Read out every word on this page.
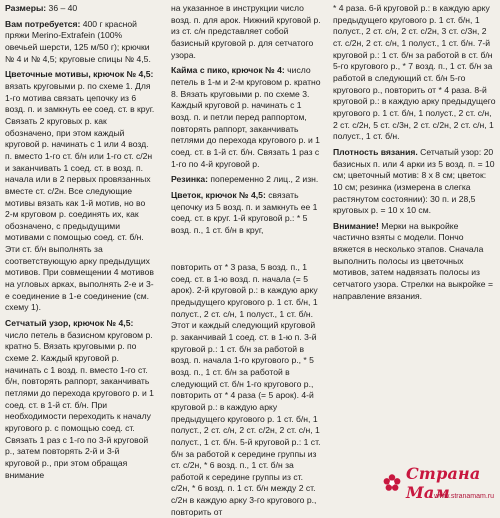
Размеры: 36 – 40

Вам потребуется: 400 г красной пряжи Merino-Extrafein (100% овечьей шерсти, 125 м/50 г); крючки № 4 и № 4,5; круговые спицы № 4,5.

Цветочные мотивы, крючок № 4,5: вязать круговыми р. по схеме 1. Для 1-го мотива связать цепочку из 6 возд. п. и замкнуть ее соед. ст. в круг. Связать 2 круговых р. как обозначено, при этом каждый круговой р. начинать с 1 или 4 возд. п. вместо 1-го ст. б/н или 1-го ст. с/2н и заканчивать 1 соед. ст. в возд. п. начала или в 2 первых провязанных вместе ст. с/2н. Все следующие мотивы вязать как 1-й мотив, но во 2-м круговом р. соединять их, как обозначено, с предыдущими мотивами с помощью соед. ст. б/н. Эти ст. б/н выполнять за соответствующую арку предыдущих мотивов. При совмещении 4 мотивов на угловых арках, выполнять 2-е и 3-е соединение в 1-е соединение (см. схему 1).

Сетчатый узор, крючок № 4,5: число петель в базисном круговом р. кратно 5. Вязать круговыми р. по схеме 2. Каждый круговой р. начинать с 1 возд. п. вместо 1-го ст. б/н, повторять раппорт, заканчивать петлями до перехода кругового р. и 1 соед. ст. в 1-й ст. б/н. При необходимости переходить к началу кругового р. с помощью соед. ст. Связать 1 раз с 1-го по 3-й круговой р., затем повторять 2-й и 3-й круговой р., при этом обращая внимание

на указанное в инструкции число возд. п. для арок. Нижний круговой р. из ст. с/н представляет собой базисный круговой р. для сетчатого узора.

Кайма с пико, крючок № 4: число петель в 1-м и 2-м круговом р. кратно 8. Вязать круговыми р. по схеме 3. Каждый круговой р. начинать с 1 возд. п. и петли перед раппортом, повторять раппорт, заканчивать петлями до перехода кругового р. и 1 соед. ст. в 1-й ст. б/н. Связать 1 раз с 1-го по 4-й круговой р.

Резинка: попеременно 2 лиц., 2 изн.

Цветок, крючок № 4,5: связать цепочку из 5 возд. п. и замкнуть ее 1 соед. ст. в круг. 1-й круговой р.: * 5 возд. п., 1 ст. б/н в круг,

повторить от * 3 раза, 5 возд. п., 1 соед. ст. в 1-ю возд. п. начала (= 5 арок). 2-й круговой р.: в каждую арку предыдущего кругового р. 1 ст. б/н, 1 полуст., 2 ст. с/н, 1 полуст., 1 ст. б/н. Этот и каждый следующий круговой р. заканчивай 1 соед. ст. в 1-ю п. 3-й круговой р.: 1 ст. б/н за работой в возд. п. начала 1-го кругового р., * 5 возд. п., 1 ст. б/н за работой в следующий ст. б/н 1-го кругового р., повторить от * 4 раза (= 5 арок). 4-й круговой р.: в каждую арку предыдущего кругового р. 1 ст. б/н, 1 полуст., 2 ст. с/н, 2 ст. с/2н, 2 ст. с/н, 1 полуст., 1 ст. б/н. 5-й круговой р.: 1 ст. б/н за работой к середине группы из ст. с/2н, * 6 возд. п., 1 ст. б/н за работой к середине группы из ст. с/2н, * 6 возд. п. 1 ст. б/н между 2 ст. с/2н в каждую арку 3-го кругового р., повторить от

* 4 раза. 6-й круговой р.: в каждую арку предыдущего кругового р. 1 ст. б/н, 1 полуст., 2 ст. с/н, 2 ст. с/2н, 3 ст. с/3н, 2 ст. с/2н, 2 ст. с/н, 1 полуст., 1 ст. б/н. 7-й круговой р.: 1 ст. б/н за работой в ст. б/н 5-го кругового р., * 7 возд. п., 1 ст. б/н за работой в следующий ст. б/н 5-го кругового р., повторить от * 4 раза. 8-й круговой р.: в каждую арку предыдущего кругового р. 1 ст. б/н, 1 полуст., 2 ст. с/н, 2 ст. с/2н, 5 ст. с/3н, 2 ст. с/2н, 2 ст. с/н, 1 полуст., 1 ст. б/н.

Плотность вязания. Сетчатый узор: 20 базисных п. или 4 арки из 5 возд. п. = 10 см; цветочный мотив: 8 х 8 см; цветок: 10 см; резинка (измерена в слегка растянутом состоянии): 30 п. и 28,5 круговых р. = 10 х 10 см.

Внимание! Мерки на выкройке частично взяты с модели. Пончо вяжется в несколько этапов. Сначала выполнить полосы из цветочных мотивов, затем надвязать полосы из сетчатого узора. Стрелки на выкройке = направление вязания.

Страна Мам
www.stranamam.ru
